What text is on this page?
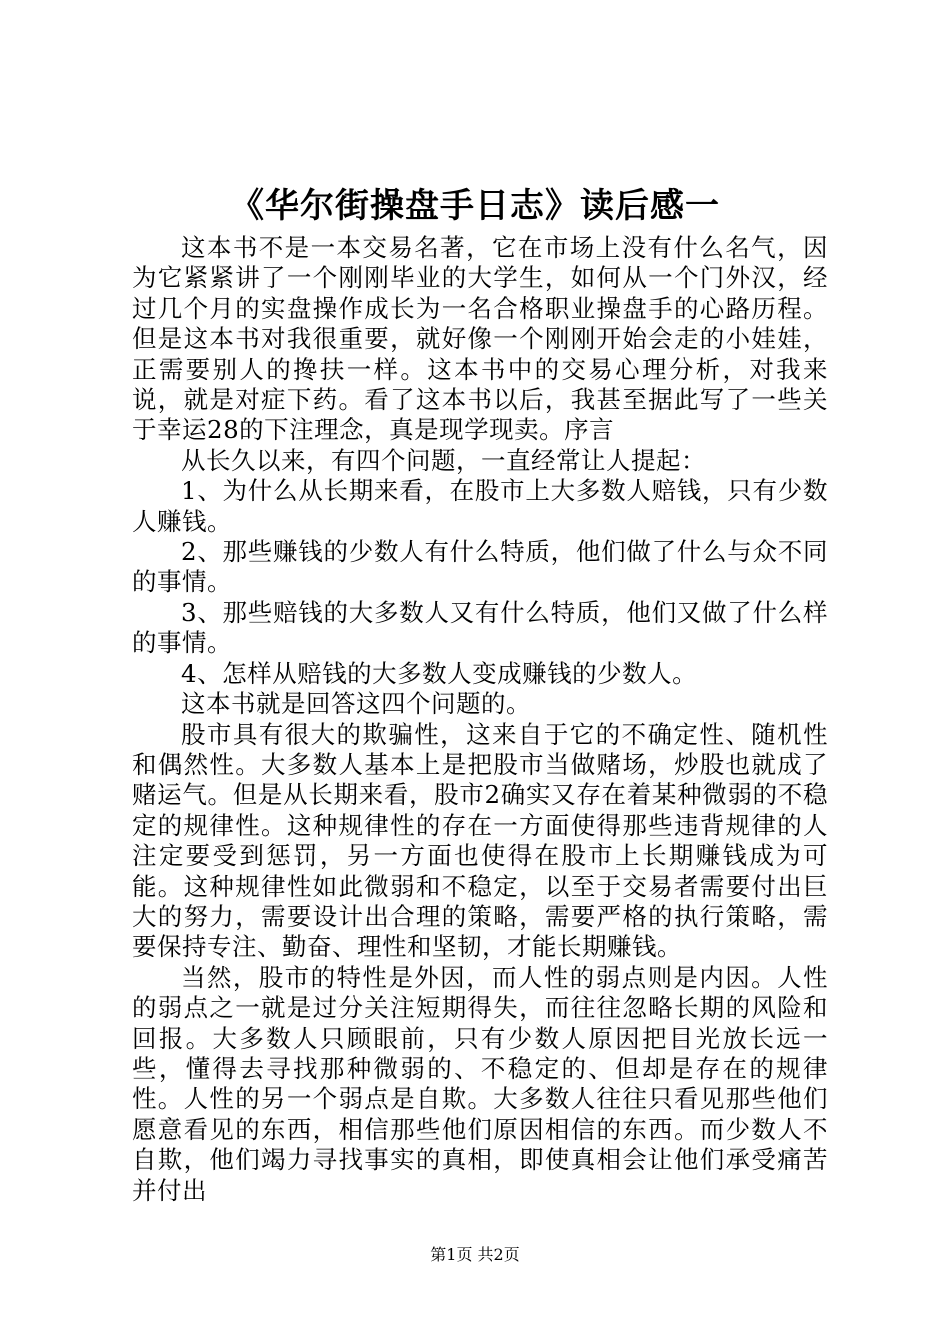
《华尔街操盘手日志》读后感一

这本书不是一本交易名著，它在市场上没有什么名气，因为它紧紧讲了一个刚刚毕业的大学生，如何从一个门外汉，经过几个月的实盘操作成长为一名合格职业操盘手的心路历程。但是这本书对我很重要，就好像一个刚刚开始会走的小娃娃，正需要别人的搀扶一样。这本书中的交易心理分析，对我来说，就是对症下药。看了这本书以后，我甚至据此写了一些关于幸运28的下注理念，真是现学现卖。序言

从长久以来，有四个问题，一直经常让人提起：

1、为什么从长期来看，在股市上大多数人赔钱，只有少数人赚钱。

2、那些赚钱的少数人有什么特质，他们做了什么与众不同的事情。

3、那些赔钱的大多数人又有什么特质，他们又做了什么样的事情。

4、怎样从赔钱的大多数人变成赚钱的少数人。

这本书就是回答这四个问题的。

股市具有很大的欺骗性，这来自于它的不确定性、随机性和偶然性。大多数人基本上是把股市当做赌场，炒股也就成了赌运气。但是从长期来看，股市2确实又存在着某种微弱的不稳定的规律性。这种规律性的存在一方面使得那些违背规律的人注定要受到惩罚，另一方面也使得在股市上长期赚钱成为可能。这种规律性如此微弱和不稳定，以至于交易者需要付出巨大的努力，需要设计出合理的策略，需要严格的执行策略，需要保持专注、勤奋、理性和坚韧，才能长期赚钱。

当然，股市的特性是外因，而人性的弱点则是内因。人性的弱点之一就是过分关注短期得失，而往往忽略长期的风险和回报。大多数人只顾眼前，只有少数人原因把目光放长远一些，懂得去寻找那种微弱的、不稳定的、但却是存在的规律性。人性的另一个弱点是自欺。大多数人往往只看见那些他们愿意看见的东西，相信那些他们原因相信的东西。而少数人不自欺，他们竭力寻找事实的真相，即使真相会让他们承受痛苦并付出

第1页 共2页
